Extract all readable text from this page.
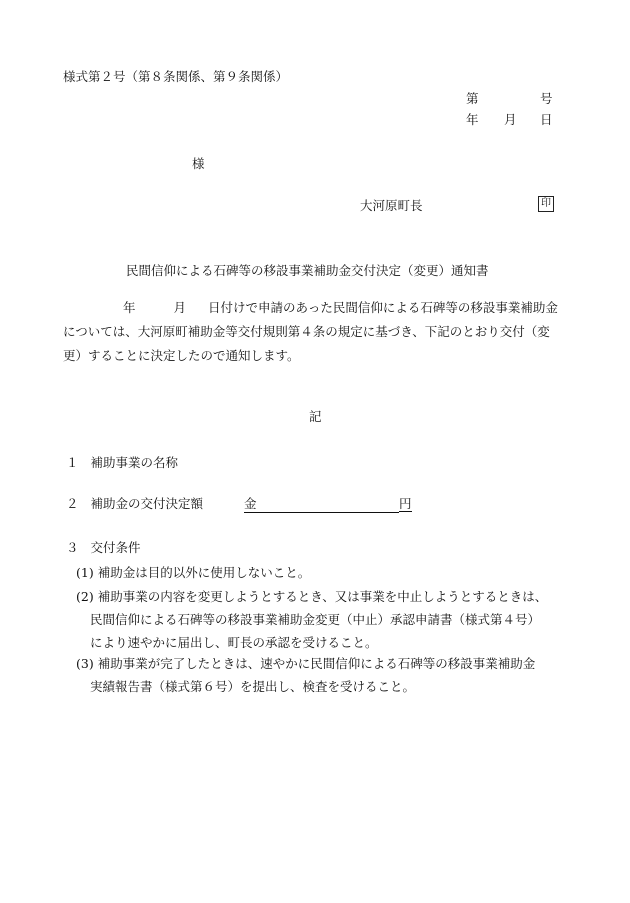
様式第２号（第８条関係、第９条関係）
第	号
年 月 日
様
大河原町長	印
民間信仰による石碑等の移設事業補助金交付決定（変更）通知書
年	月 日付けで申請のあった民間信仰による石碑等の移設事業補助金
については、大河原町補助金等交付規則第４条の規定に基づき、下記のとおり交付（変
更）することに決定したので通知します。
記
１ 補助事業の名称
２ 補助金の交付決定額	金	円
３ 交付条件
(1) 補助金は目的以外に使用しないこと。
(2) 補助事業の内容を変更しようとするとき、又は事業を中止しようとするときは、
民間信仰による石碑等の移設事業補助金変更（中止）承認申請書（様式第４号）
により速やかに届出し、町長の承認を受けること。
(3) 補助事業が完了したときは、速やかに民間信仰による石碑等の移設事業補助金
実績報告書（様式第６号）を提出し、検査を受けること。
